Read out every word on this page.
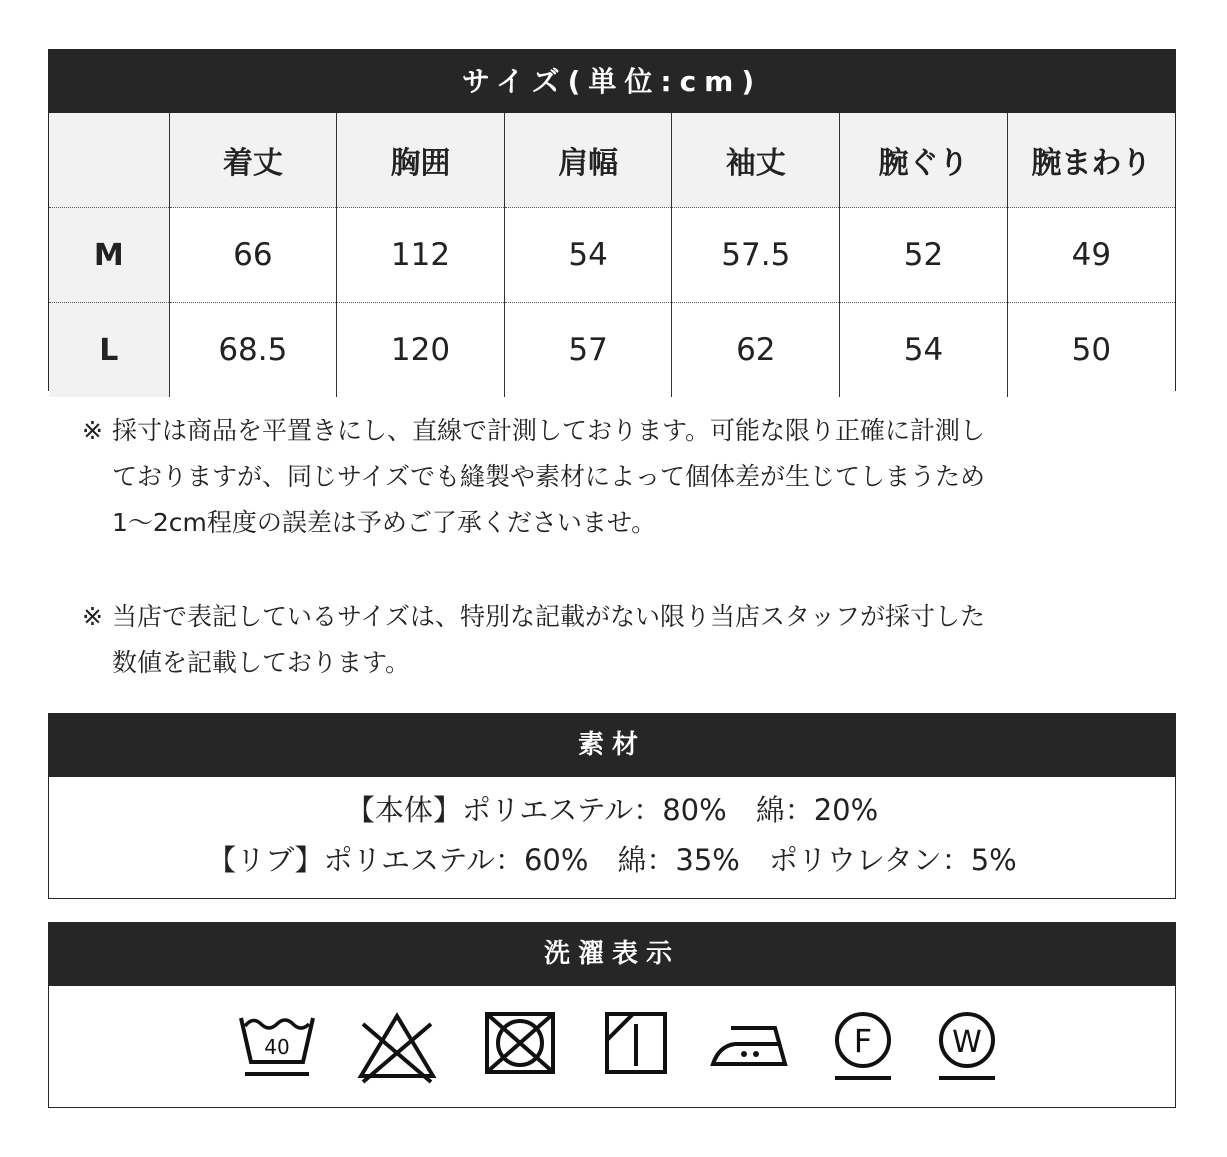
サイズ(単位:cm)
	着丈	胸囲	肩幅	袖丈	腕ぐり	腕まわり
M	66	112	54	57.5	52	49
L	68.5	120	57	62	54	50
※ 採寸は商品を平置きにし、直線で計測しております。可能な限り正確に計測し
ておりますが、同じサイズでも縫製や素材によって個体差が生じてしまうため
1～2cm程度の誤差は予めご了承くださいませ。
※ 当店で表記しているサイズは、特別な記載がない限り当店スタッフが採寸した
数値を記載しております。
素材
【本体】ポリエステル：80%　綿：20%
【リブ】ポリエステル：60%　綿：35%　ポリウレタン：5%
洗濯表示
40	F	W
